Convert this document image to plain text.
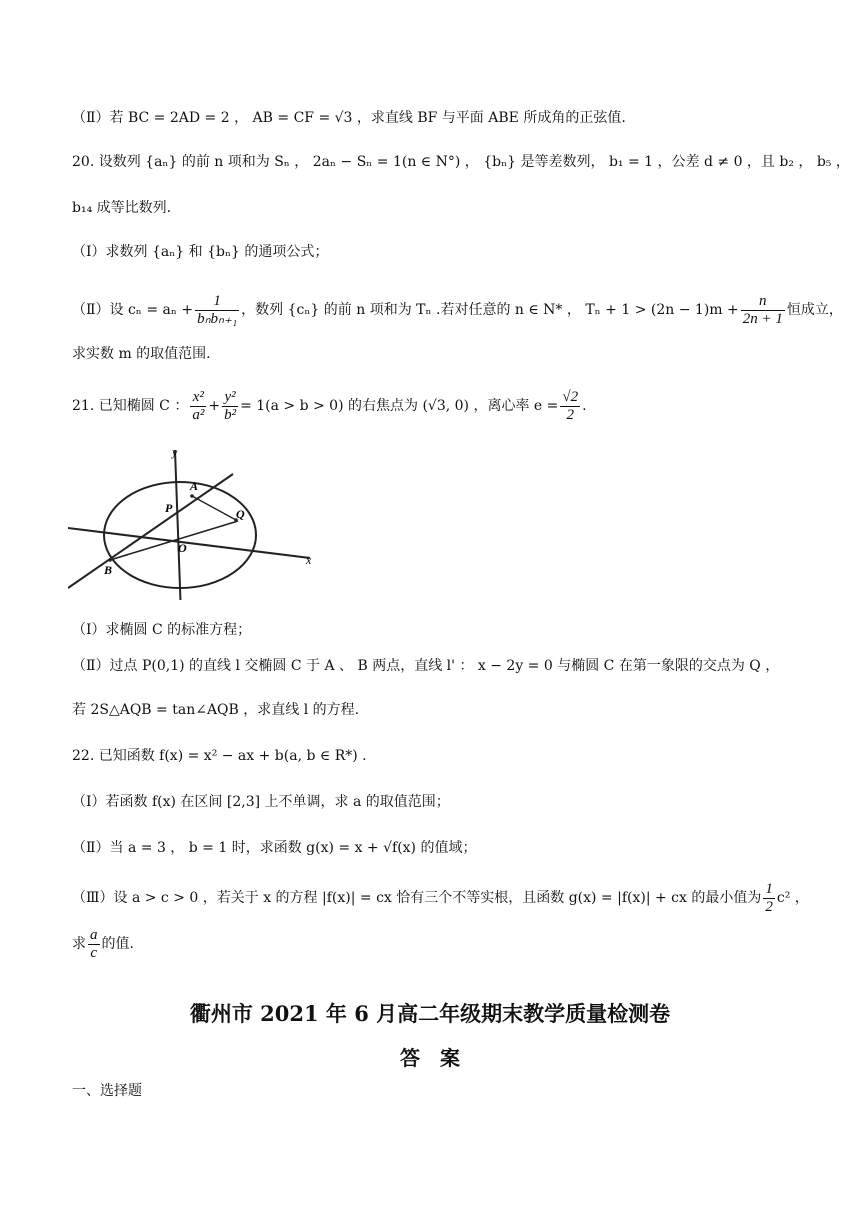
（Ⅱ）若 BC = 2AD = 2 ， AB = CF = √3 ，求直线 BF 与平面 ABE 所成角的正弦值.
20. 设数列 {aₙ} 的前 n 项和为 Sₙ ， 2aₙ − Sₙ = 1(n ∈ N°) ， {bₙ} 是等差数列， b₁ = 1 ，公差 d ≠ 0 ，且 b₂ ， b₅ ，
b₁₄ 成等比数列.
（Ⅰ）求数列 {aₙ} 和 {bₙ} 的通项公式；
（Ⅱ）设 $c_n = a_n + \frac{1}{\text{bₙbₙ₊₁}}$ ，数列 {cₙ} 的前 n 项和为 Tₙ .若对任意的 n ∈ N* ， $T_n + 1 > (2n - 1)m + \frac{n}{2n + 1}$ 恒成立，
求实数 m 的取值范围.
21. 已知椭圆 C ： $\frac{\text{x²}}{\text{a²}} + \frac{\text{y²}}{\text{b²}} = 1(a > b > 0)$ 的右焦点为 (√3, 0) ，离心率 $e = \frac{√2}{2}$ .
y
A
P	Q
O
B
x
（Ⅰ）求椭圆 C 的标准方程；
（Ⅱ）过点 P(0,1) 的直线 l 交椭圆 C 于 A 、 B 两点，直线 l' ： x − 2y = 0 与椭圆 C 在第一象限的交点为 Q ，
若 2S△AQB = tan∠AQB ，求直线 l 的方程.
22. 已知函数 f(x) = x² − ax + b(a, b ∈ R*) .
（Ⅰ）若函数 f(x) 在区间 [2,3] 上不单调，求 a 的取值范围；
（Ⅱ）当 a = 3 ， b = 1 时，求函数 g(x) = x + √f(x) 的值域；
（Ⅲ）设 a > c > 0 ，若关于 x 的方程 |f(x)| = cx 恰有三个不等实根，且函数 g(x) = |f(x)| + cx 的最小值为 $\frac{1}{2} c^2$ ，
求 $\frac{a}{c}$ 的值.
衢州市 2021 年 6 月高二年级期末教学质量检测卷
答　案
一、选择题
